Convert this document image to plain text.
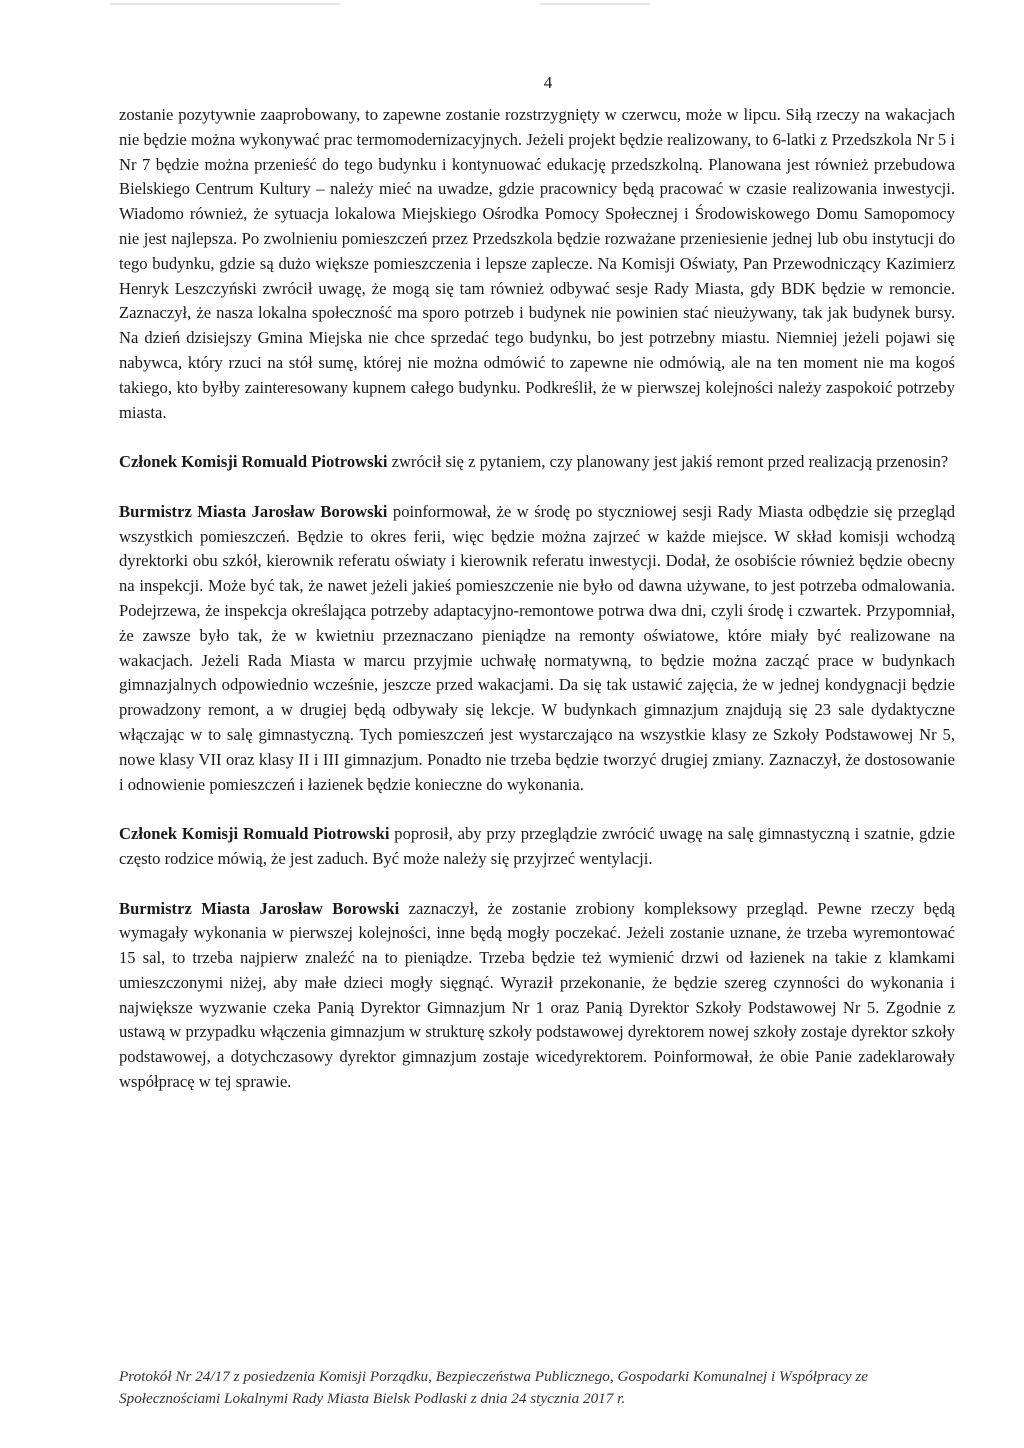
4

zostanie pozytywnie zaaprobowany, to zapewne zostanie rozstrzygnięty w czerwcu, może w lipcu. Siłą rzeczy na wakacjach nie będzie można wykonywać prac termomodernizacyjnych. Jeżeli projekt będzie realizowany, to 6-latki z Przedszkola Nr 5 i Nr 7 będzie można przenieść do tego budynku i kontynuować edukację przedszkolną. Planowana jest również przebudowa Bielskiego Centrum Kultury – należy mieć na uwadze, gdzie pracownicy będą pracować w czasie realizowania inwestycji. Wiadomo również, że sytuacja lokalowa Miejskiego Ośrodka Pomocy Społecznej i Środowiskowego Domu Samopomocy nie jest najlepsza. Po zwolnieniu pomieszczeń przez Przedszkola będzie rozważane przeniesienie jednej lub obu instytucji do tego budynku, gdzie są dużo większe pomieszczenia i lepsze zaplecze. Na Komisji Oświaty, Pan Przewodniczący Kazimierz Henryk Leszczyński zwrócił uwagę, że mogą się tam również odbywać sesje Rady Miasta, gdy BDK będzie w remoncie. Zaznaczył, że nasza lokalna społeczność ma sporo potrzeb i budynek nie powinien stać nieużywany, tak jak budynek bursy. Na dzień dzisiejszy Gmina Miejska nie chce sprzedać tego budynku, bo jest potrzebny miastu. Niemniej jeżeli pojawi się nabywca, który rzuci na stół sumę, której nie można odmówić to zapewne nie odmówią, ale na ten moment nie ma kogoś takiego, kto byłby zainteresowany kupnem całego budynku. Podkreślił, że w pierwszej kolejności należy zaspokoić potrzeby miasta.

Członek Komisji Romuald Piotrowski zwrócił się z pytaniem, czy planowany jest jakiś remont przed realizacją przenosin?

Burmistrz Miasta Jarosław Borowski poinformował, że w środę po styczniowej sesji Rady Miasta odbędzie się przegląd wszystkich pomieszczeń. Będzie to okres ferii, więc będzie można zajrzeć w każde miejsce. W skład komisji wchodzą dyrektorki obu szkół, kierownik referatu oświaty i kierownik referatu inwestycji. Dodał, że osobiście również będzie obecny na inspekcji. Może być tak, że nawet jeżeli jakieś pomieszczenie nie było od dawna używane, to jest potrzeba odmalowania. Podejrzewa, że inspekcja określająca potrzeby adaptacyjno-remontowe potrwa dwa dni, czyli środę i czwartek. Przypomniał, że zawsze było tak, że w kwietniu przeznaczano pieniądze na remonty oświatowe, które miały być realizowane na wakacjach. Jeżeli Rada Miasta w marcu przyjmie uchwałę normatywną, to będzie można zacząć prace w budynkach gimnazjalnych odpowiednio wcześnie, jeszcze przed wakacjami. Da się tak ustawić zajęcia, że w jednej kondygnacji będzie prowadzony remont, a w drugiej będą odbywały się lekcje. W budynkach gimnazjum znajdują się 23 sale dydaktyczne włączając w to salę gimnastyczną. Tych pomieszczeń jest wystarczająco na wszystkie klasy ze Szkoły Podstawowej Nr 5, nowe klasy VII oraz klasy II i III gimnazjum. Ponadto nie trzeba będzie tworzyć drugiej zmiany. Zaznaczył, że dostosowanie i odnowienie pomieszczeń i łazienek będzie konieczne do wykonania.

Członek Komisji Romuald Piotrowski poprosił, aby przy przeglądzie zwrócić uwagę na salę gimnastyczną i szatnie, gdzie często rodzice mówią, że jest zaduch. Być może należy się przyjrzeć wentylacji.

Burmistrz Miasta Jarosław Borowski zaznaczył, że zostanie zrobiony kompleksowy przegląd. Pewne rzeczy będą wymagały wykonania w pierwszej kolejności, inne będą mogły poczekać. Jeżeli zostanie uznane, że trzeba wyremontować 15 sal, to trzeba najpierw znaleźć na to pieniądze. Trzeba będzie też wymienić drzwi od łazienek na takie z klamkami umieszczonymi niżej, aby małe dzieci mogły sięgnąć. Wyraził przekonanie, że będzie szereg czynności do wykonania i największe wyzwanie czeka Panią Dyrektor Gimnazjum Nr 1 oraz Panią Dyrektor Szkoły Podstawowej Nr 5. Zgodnie z ustawą w przypadku włączenia gimnazjum w strukturę szkoły podstawowej dyrektorem nowej szkoły zostaje dyrektor szkoły podstawowej, a dotychczasowy dyrektor gimnazjum zostaje wicedyrektorem. Poinformował, że obie Panie zadeklarowały współpracę w tej sprawie.

Protokół Nr 24/17 z posiedzenia Komisji Porządku, Bezpieczeństwa Publicznego, Gospodarki Komunalnej i Współpracy ze Społecznościami Lokalnymi Rady Miasta Bielsk Podlaski z dnia 24 stycznia 2017 r.
